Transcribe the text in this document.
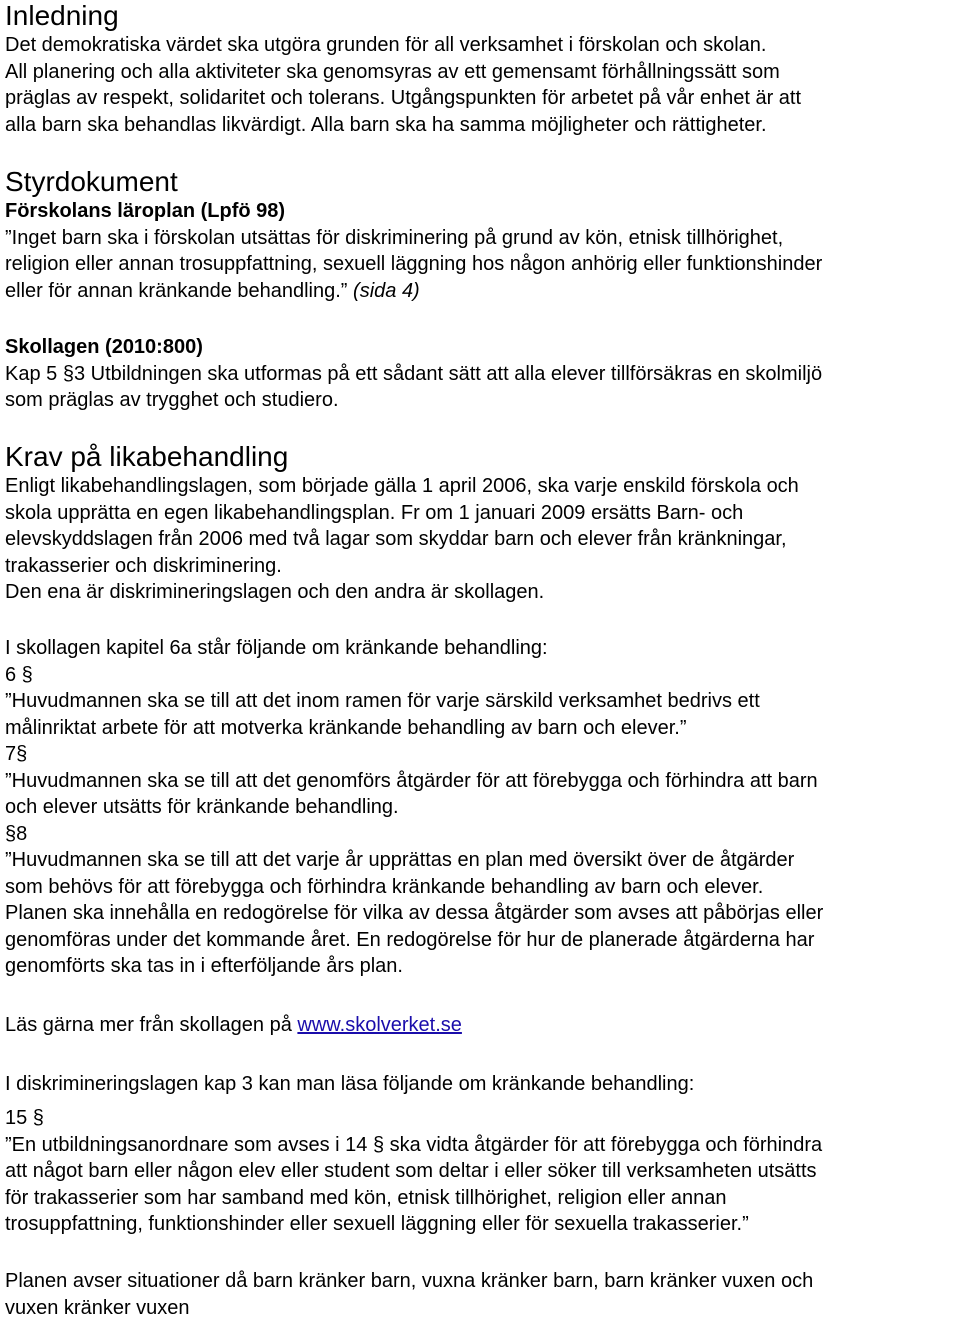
Inledning
Det demokratiska värdet ska utgöra grunden för all verksamhet i förskolan och skolan.
All planering och alla aktiviteter ska genomsyras av ett gemensamt förhållningssätt som
präglas av respekt, solidaritet och tolerans. Utgångspunkten för arbetet på vår enhet är att
alla barn ska behandlas likvärdigt. Alla barn ska ha samma möjligheter och rättigheter.
Styrdokument
Förskolans läroplan (Lpfö 98)
”Inget barn ska i förskolan utsättas för diskriminering på grund av kön, etnisk tillhörighet,
religion eller annan trosuppfattning, sexuell läggning hos någon anhörig eller funktionshinder
eller för annan kränkande behandling.” (sida 4)
Skollagen (2010:800)
Kap 5 §3 Utbildningen ska utformas på ett sådant sätt att alla elever tillförsäkras en skolmiljö
som präglas av trygghet och studiero.
Krav på likabehandling
Enligt likabehandlingslagen, som började gälla 1 april 2006, ska varje enskild förskola och
skola upprätta en egen likabehandlingsplan. Fr om 1 januari 2009 ersätts Barn- och
elevskyddslagen från 2006 med två lagar som skyddar barn och elever från kränkningar,
trakasserier och diskriminering.
Den ena är diskrimineringslagen och den andra är skollagen.
I skollagen kapitel 6a står följande om kränkande behandling:
6 §
”Huvudmannen ska se till att det inom ramen för varje särskild verksamhet bedrivs ett
målinriktat arbete för att motverka kränkande behandling av barn och elever.”
7§
”Huvudmannen ska se till att det genomförs åtgärder för att förebygga och förhindra att barn
och elever utsätts för kränkande behandling.
§8
”Huvudmannen ska se till att det varje år upprättas en plan med översikt över de åtgärder
som behövs för att förebygga och förhindra kränkande behandling av barn och elever.
Planen ska innehålla en redogörelse för vilka av dessa åtgärder som avses att påbörjas eller
genomföras under det kommande året. En redogörelse för hur de planerade åtgärderna har
genomförts ska tas in i efterföljande års plan.
Läs gärna mer från skollagen på www.skolverket.se
I diskrimineringslagen kap 3 kan man läsa följande om kränkande behandling:
15 §
”En utbildningsanordnare som avses i 14 § ska vidta åtgärder för att förebygga och förhindra
att något barn eller någon elev eller student som deltar i eller söker till verksamheten utsätts
för trakasserier som har samband med kön, etnisk tillhörighet, religion eller annan
trosuppfattning, funktionshinder eller sexuell läggning eller för sexuella trakasserier.”
Planen avser situationer då barn kränker barn, vuxna kränker barn, barn kränker vuxen och
vuxen kränker vuxen
